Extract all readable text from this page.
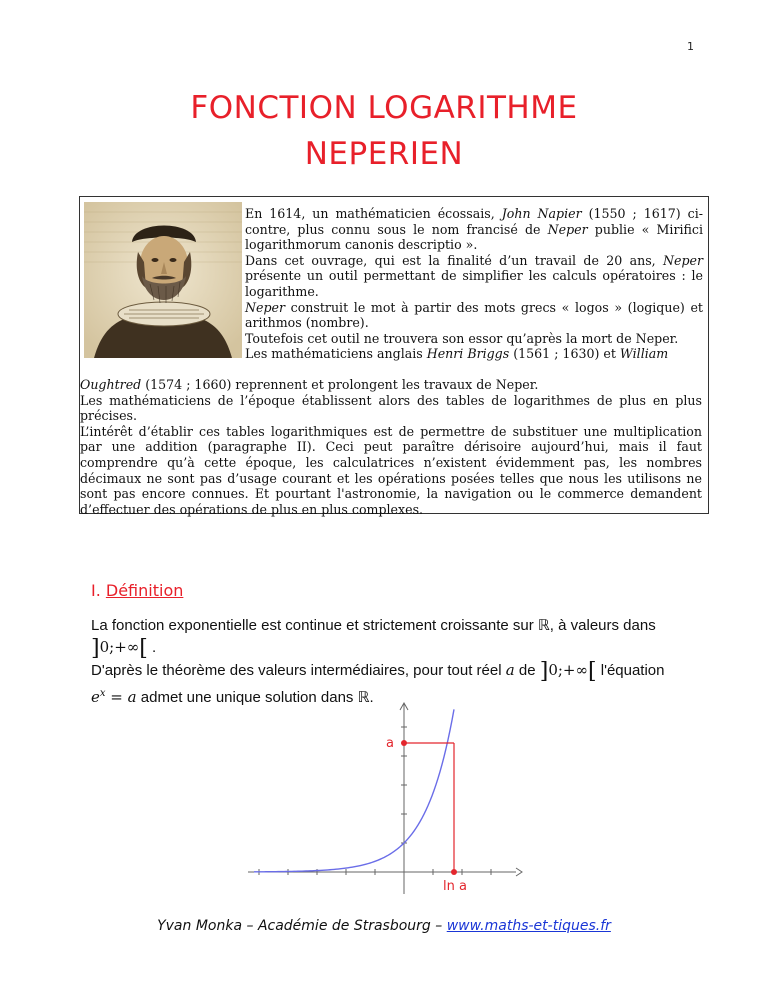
1
FONCTION LOGARITHME
NEPERIEN

En 1614, un mathématicien écossais, John Napier (1550 ; 1617) ci-contre, plus connu sous le nom francisé de Neper publie « Mirifici logarithmorum canonis descriptio ».

Dans cet ouvrage, qui est la finalité d’un travail de 20 ans, Neper présente un outil permettant de simplifier les calculs opératoires : le logarithme.

Neper construit le mot à partir des mots grecs « logos » (logique) et arithmos (nombre).

Toutefois cet outil ne trouvera son essor qu’après la mort de Neper.

Les mathématiciens anglais Henri Briggs (1561 ; 1630) et William

Oughtred (1574 ; 1660) reprennent et prolongent les travaux de Neper.

Les mathématiciens de l’époque établissent alors des tables de logarithmes de plus en plus précises.

L’intérêt d’établir ces tables logarithmiques est de permettre de substituer une multiplication par une addition (paragraphe II). Ceci peut paraître dérisoire aujourd’hui, mais il faut comprendre qu’à cette époque, les calculatrices n’existent évidemment pas, les nombres décimaux ne sont pas d’usage courant et les opérations posées telles que nous les utilisons ne sont pas encore connues. Et pourtant l'astronomie, la navigation ou le commerce demandent d’effectuer des opérations de plus en plus complexes.

I. Définition
La fonction exponentielle est continue et strictement croissante sur ℝ, à valeurs dans
]0;+∞[ .
D'après le théorème des valeurs intermédiaires, pour tout réel a de ]0;+∞[ l'équation
$e^x = a$ admet une unique solution dans ℝ.
a
ln a
Yvan Monka – Académie de Strasbourg – www.maths-et-tiques.fr
